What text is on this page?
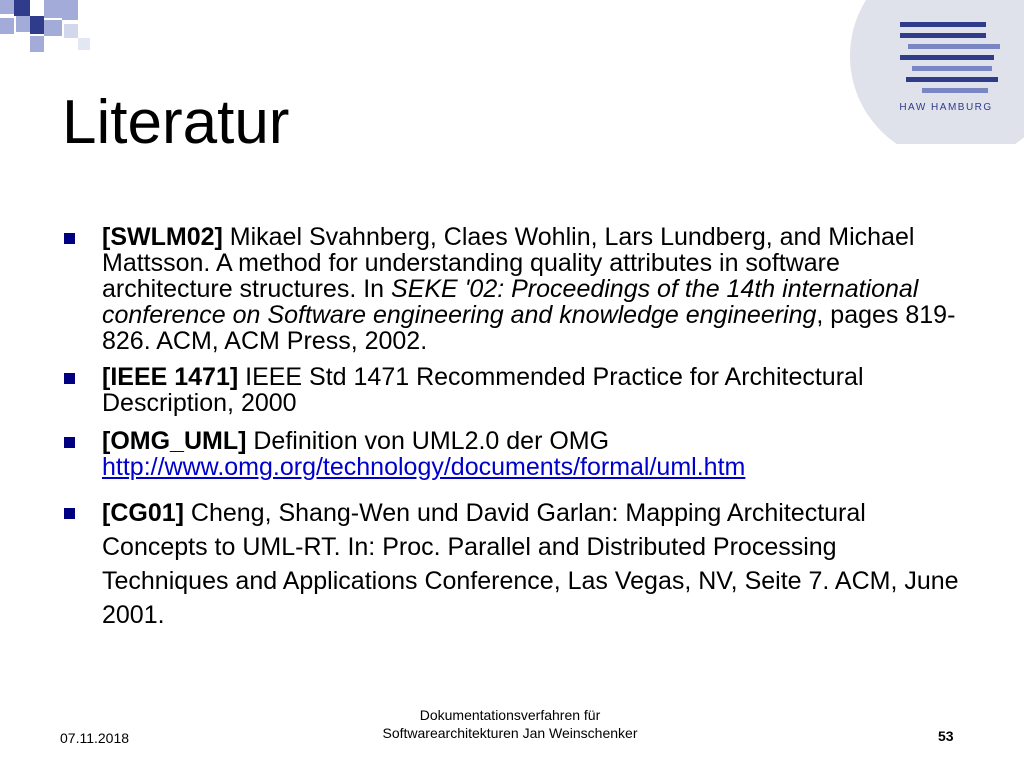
HAW HAMBURG
Literatur
[SWLM02] Mikael Svahnberg, Claes Wohlin, Lars Lundberg, and Michael Mattsson. A method for understanding quality attributes in software architecture structures. In SEKE '02: Proceedings of the 14th international conference on Software engineering and knowledge engineering, pages 819-826. ACM, ACM Press, 2002.
[IEEE 1471] IEEE Std 1471 Recommended Practice for Architectural Description, 2000
[OMG_UML] Definition von UML2.0 der OMG http://www.omg.org/technology/documents/formal/uml.htm
[CG01] Cheng, Shang-Wen und David Garlan: Mapping Architectural Concepts to UML-RT. In: Proc. Parallel and Distributed Processing Techniques and Applications Conference, Las Vegas, NV, Seite 7. ACM, June 2001.
07.11.2018
Dokumentationsverfahren für
Softwarearchitekturen Jan Weinschenker	53
